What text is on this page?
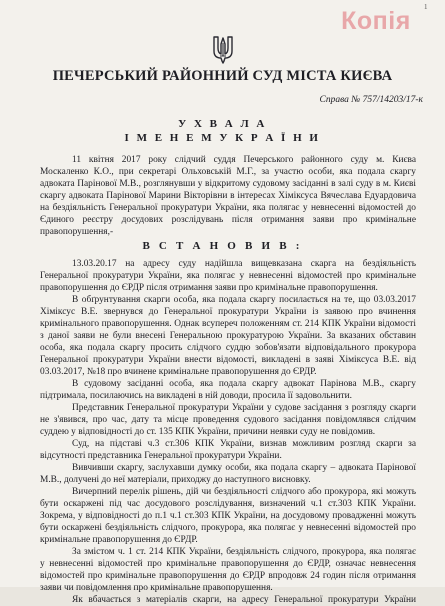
1
Копія
ПЕЧЕРСЬКИЙ РАЙОННИЙ СУД МІСТА КИЄВА
Справа № 757/14203/17-к
У Х В А Л А
І М Е Н Е М У К Р А Ї Н И
11 квітня 2017 року слідчий суддя Печерського районного суду м. Києва
Москаленко К.О., при секретарі Ольховській М.Г., за участю особи, яка подала скаргу
адвоката Парінової М.В., розглянувши у відкритому судовому засіданні в залі суду в м. Києві
скаргу адвоката Парінової Марини Вікторівни в інтересах Хіміксуса Вячеслава Едуардовича
на бездіяльність Генеральної прокуратури України, яка полягає у невнесенні відомостей до
Єдиного реєстру досудових розслідувань після отримання заяви про кримінальне
правопорушення,-
В С Т А Н О В И В :
13.03.20.17 на адресу суду надійшла вищевказана скарга на бездіяльність
Генеральної прокуратури України, яка полягає у невнесенні відомостей про кримінальне
правопорушення до ЄРДР після отримання заяви про кримінальне правопорушення.
В обґрунтування скарги особа, яка подала скаргу посилається на те, що 03.03.2017
Хіміксус В.Е. звернувся до Генеральної прокуратури України із заявою про вчинення
кримінального правопорушення. Однак всупереч положенням ст. 214 КПК України відомості
з даної заяви не були внесені Генеральною прокуратурою України. За вказаних обставин
особа, яка подала скаргу просить слідчого суддю зобов'язати відповідального прокурора
Генеральної прокуратури України внести відомості, викладені в заяві Хіміксуса В.Е. від
03.03.2017, №18 про вчинене кримінальне правопорушення до ЄРДР.
В судовому засіданні особа, яка подала скаргу адвокат Парінова М.В., скаргу
підтримала, посилаючись на викладені в ній доводи, просила її задовольнити.
Представник Генеральної прокуратури України у судове засідання з розгляду скарги
не з'явився, про час, дату та місце проведення судового засідання повідомлявся слідчим
суддею у відповідності до ст. 135 КПК України, причини неявки суду не повідомив.
Суд, на підставі ч.3 ст.306 КПК України, визнав можливим розгляд скарги за
відсутності представника Генеральної прокуратури України.
Вивчивши скаргу, заслухавши думку особи, яка подала скаргу – адвоката Парінової
М.В., долучені до неї матеріали, приходжу до наступного висновку.
Вичерпний перелік рішень, дій чи бездіяльності слідчого або прокурора, які можуть
бути оскаржені під час досудового розслідування, визначений ч.1 ст.303 КПК України.
Зокрема, у відповідності до п.1 ч.1 ст.303 КПК України, на досудовому провадженні можуть
бути оскаржені бездіяльність слідчого, прокурора, яка полягає у невнесенні відомостей про
кримінальне правопорушення до ЄРДР.
За змістом ч. 1 ст. 214 КПК України, бездіяльність слідчого, прокурора, яка полягає
у невнесенні відомостей про кримінальне правопорушення до ЄРДР, означає невнесення
відомостей про кримінальне правопорушення до ЄРДР впродовж 24 годин після отримання
заяви чи повідомлення про кримінальне правопорушення.
Як вбачається з матеріалів скарги, на адресу Генеральної прокуратури України
